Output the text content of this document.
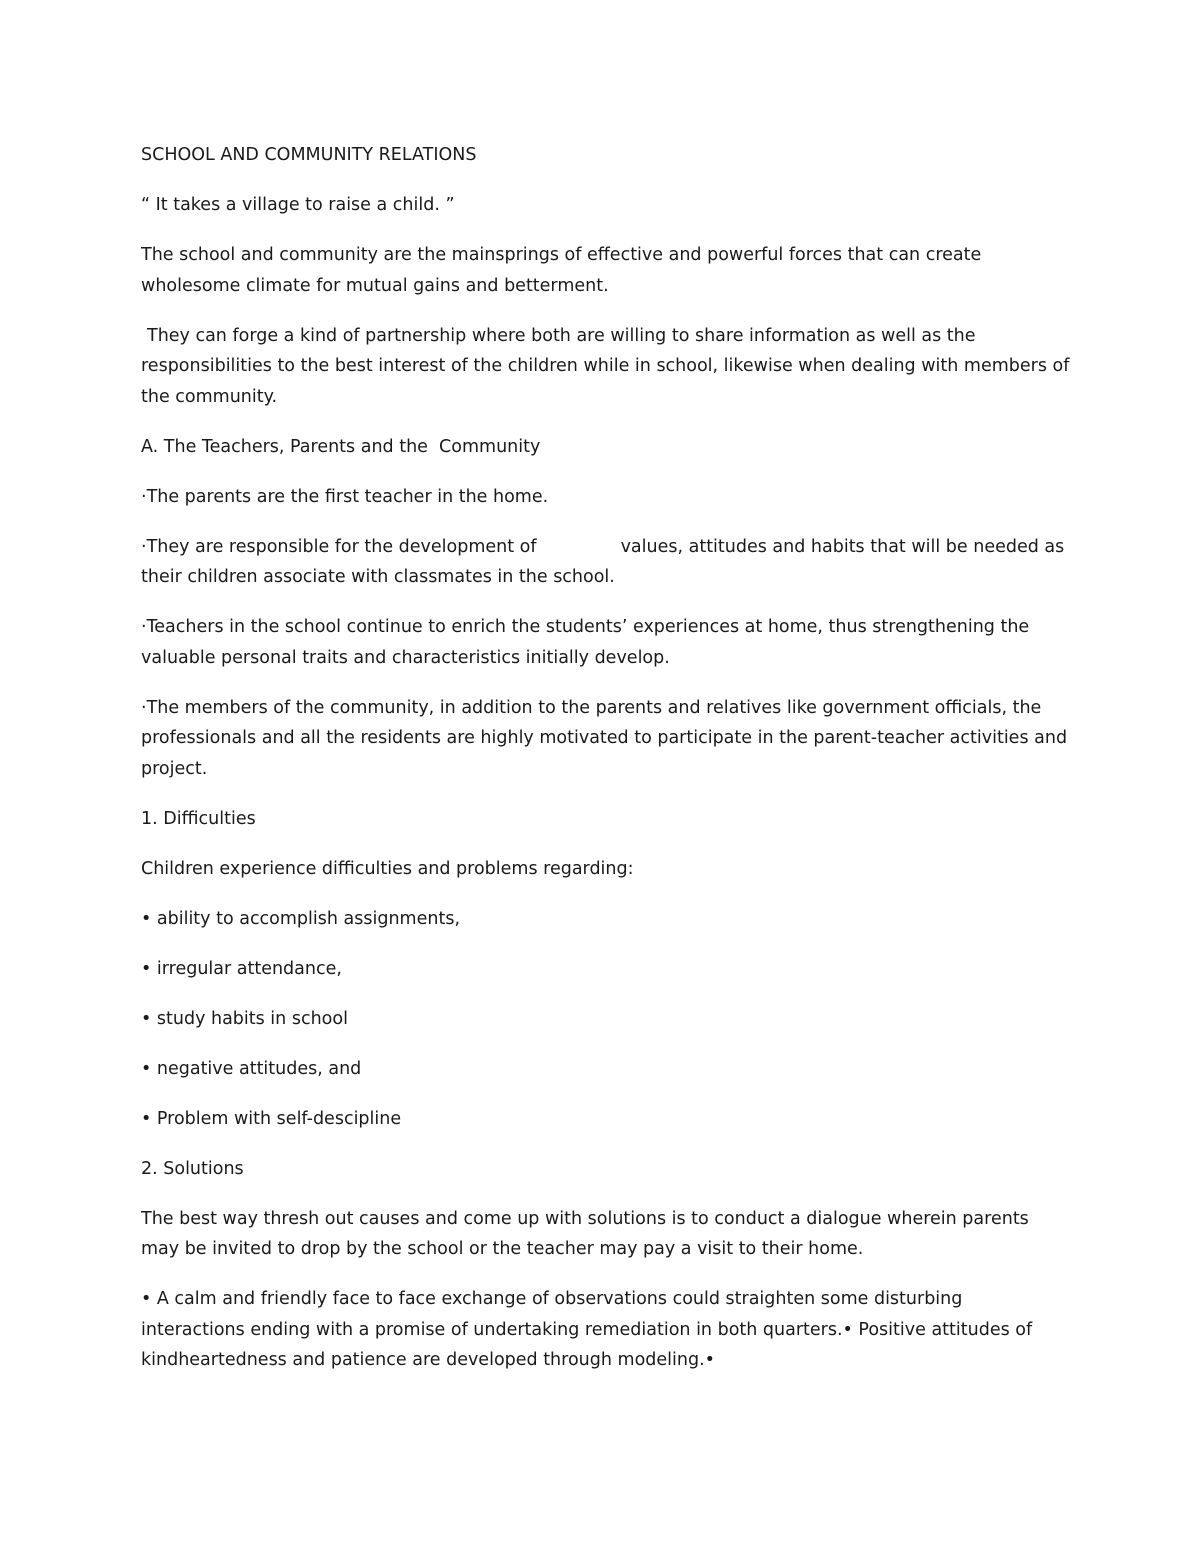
SCHOOL AND COMMUNITY RELATIONS

“ It takes a village to raise a child. ”

The school and community are the mainsprings of effective and powerful forces that can create wholesome climate for mutual gains and betterment.

They can forge a kind of partnership where both are willing to share information as well as the responsibilities to the best interest of the children while in school, likewise when dealing with members of the community.

A. The Teachers, Parents and the  Community

·The parents are the first teacher in the home.

·They are responsible for the development of	values, attitudes and habits that will be needed as their children associate with classmates in the school.

·Teachers in the school continue to enrich the students’ experiences at home, thus strengthening the valuable personal traits and characteristics initially develop.

·The members of the community, in addition to the parents and relatives like government officials, the professionals and all the residents are highly motivated to participate in the parent-teacher activities and project.

1. Difficulties

Children experience difficulties and problems regarding:

• ability to accomplish assignments,

• irregular attendance,

• study habits in school

• negative attitudes, and

• Problem with self-descipline

2. Solutions

The best way thresh out causes and come up with solutions is to conduct a dialogue wherein parents may be invited to drop by the school or the teacher may pay a visit to their home.

• A calm and friendly face to face exchange of observations could straighten some disturbing interactions ending with a promise of undertaking remediation in both quarters.• Positive attitudes of kindheartedness and patience are developed through modeling.•
